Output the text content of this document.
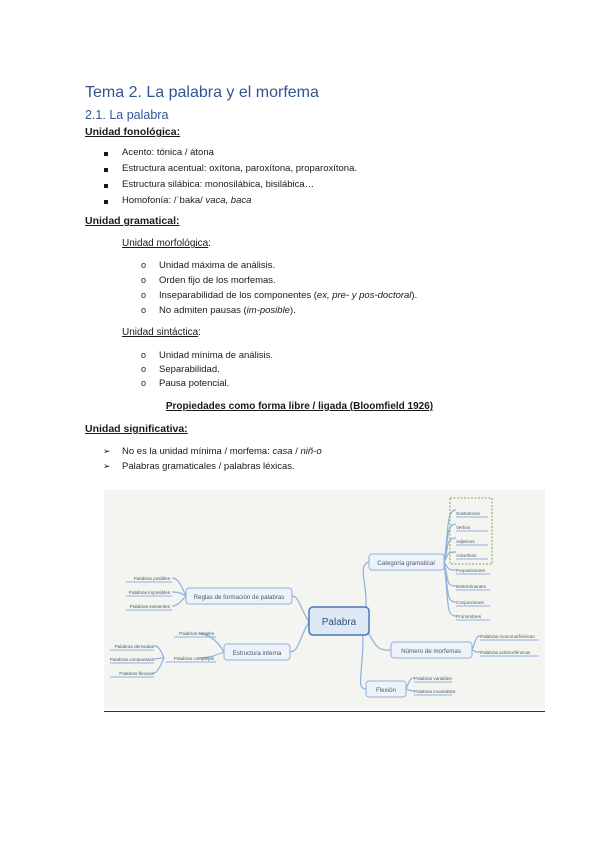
Tema 2. La palabra y el morfema
2.1. La palabra
Unidad fonológica:
Acento: tónica / átona
Estructura acentual: oxítona, paroxítona, proparoxítona.
Estructura silábica: monosilábica, bisilábica…
Homofonía: /ˈbaka/ vaca, baca
Unidad gramatical:
Unidad morfológica:
o Unidad máxima de análisis.
o Orden fijo de los morfemas.
o Inseparabilidad de los componentes (ex, pre- y pos-doctoral).
o No admiten pausas (im-posible).
Unidad sintáctica:
o Unidad mínima de análisis.
o Separabilidad.
o Pausa potencial.
Propiedades como forma libre / ligada (Bloomfield 1926)
Unidad significativa:
➢ No es la unidad mínima / morfema: casa / niñ-o
➢ Palabras gramaticales / palabras léxicas.
Palabra
Categoría gramatical
Número de morfemas
Flexión
Reglas de formación de palabras
Estructura interna
Sustantivos
Verbos
Adjetivos
Adverbios
Preposiciones
Determinantes
Conjunciones
Pronombres
Palabras monomorfémicas
Palabras polimorfémicas
Palabras variables
Palabras invariables
Palabras posibles
Palabras imposibles
Palabras existentes
Palabras simples
Palabras complejas
Palabras derivadas
Palabras compuestas
Palabras flexivas
